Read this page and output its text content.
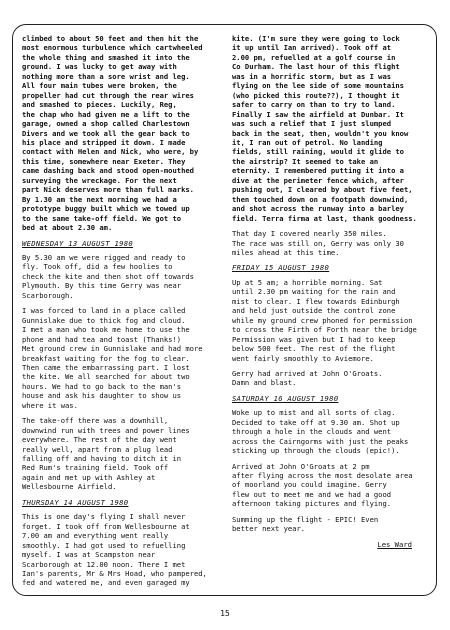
climbed to about 50 feet and then hit the
most enormous turbulence which cartwheeled
the whole thing and smashed it into the
ground. I was lucky to get away with
nothing more than a sore wrist and leg.
All four main tubes were broken, the
propeller had cut through the rear wires
and smashed to pieces. Luckily, Reg,
the chap who had given me a lift to the
garage, owned a shop called Charlestown
Divers and we took all the gear back to
his place and stripped it down. I made
contact with Helen and Nick, who were, by
this time, somewhere near Exeter. They
came dashing back and stood open-mouthed
surveying the wreckage. For the next
part Nick deserves more than full marks.
By 1.30 am the next morning we had a
prototype buggy built which we towed up
to the same take-off field. We got to
bed at about 2.30 am.

WEDNESDAY 13 AUGUST 1980

By 5.30 am we were rigged and ready to
fly. Took off, did a few hoolies to
check the kite and then shot off towards
Plymouth. By this time Gerry was near
Scarborough.

I was forced to land in a place called
Gunnislake due to thick fog and cloud.
I met a man who took me home to use the
phone and had tea and toast (Thanks!)
Met ground crew in Gunnislake and had more
breakfast waiting for the fog to clear.
Then came the embarrassing part. I lost
the kite. We all searched for about two
hours. We had to go back to the man's
house and ask his daughter to show us
where it was.

The take-off there was a downhill,
downwind run with trees and power lines
everywhere. The rest of the day went
really well, apart from a plug lead
falling off and having to ditch it in
Red Rum's training field. Took off
again and met up with Ashley at
Wellesbourne Airfield.

THURSDAY 14 AUGUST 1980

This is one day's flying I shall never
forget. I took off from Wellesbourne at
7.00 am and everything went really
smoothly. I had got used to refuelling
myself. I was at Scampston near
Scarborough at 12.00 noon. There I met
Ian's parents, Mr & Mrs Hoad, who pampered,
fed and watered me, and even garaged my

kite. (I'm sure they were going to lock
it up until Ian arrived). Took off at
2.00 pm, refuelled at a golf course in
Co Durham. The last hour of this flight
was in a horrific storm, but as I was
flying on the lee side of some mountains
(who picked this route??), I thought it
safer to carry on than to try to land.
Finally I saw the airfield at Dunbar. It
was such a relief that I just slumped
back in the seat, then, wouldn't you know
it, I ran out of petrol. No landing
fields, still raining, would it glide to
the airstrip? It seemed to take an
eternity. I remembered putting it into a
dive at the perimeter fence which, after
pushing out, I cleared by about five feet,
then touched down on a footpath downwind,
and shot across the runway into a barley
field. Terra firma at last, thank goodness.

That day I covered nearly 350 miles.
The race was still on, Gerry was only 30
miles ahead at this time.

FRIDAY 15 AUGUST 1980

Up at 5 am; a horrible morning. Sat
until 2.30 pm waiting for the rain and
mist to clear. I flew towards Edinburgh
and held just outside the control zone
while my ground crew phoned for permission
to cross the Firth of Forth near the bridge
Permission was given but I had to keep
below 500 feet. The rest of the flight
went fairly smoothly to Aviemore.

Gerry had arrived at John O'Groats.
Damn and blast.

SATURDAY 16 AUGUST 1980

Woke up to mist and all sorts of clag.
Decided to take off at 9.30 am. Shot up
through a hole in the clouds and went
across the Cairngorms with just the peaks
sticking up through the clouds (epic!).

Arrived at John O'Groats at 2 pm
after flying across the most desolate area
of moorland you could imagine. Gerry
flew out to meet me and we had a good
afternoon taking pictures and flying.

Summing up the flight - EPIC! Even
better next year.

Les Ward

15
